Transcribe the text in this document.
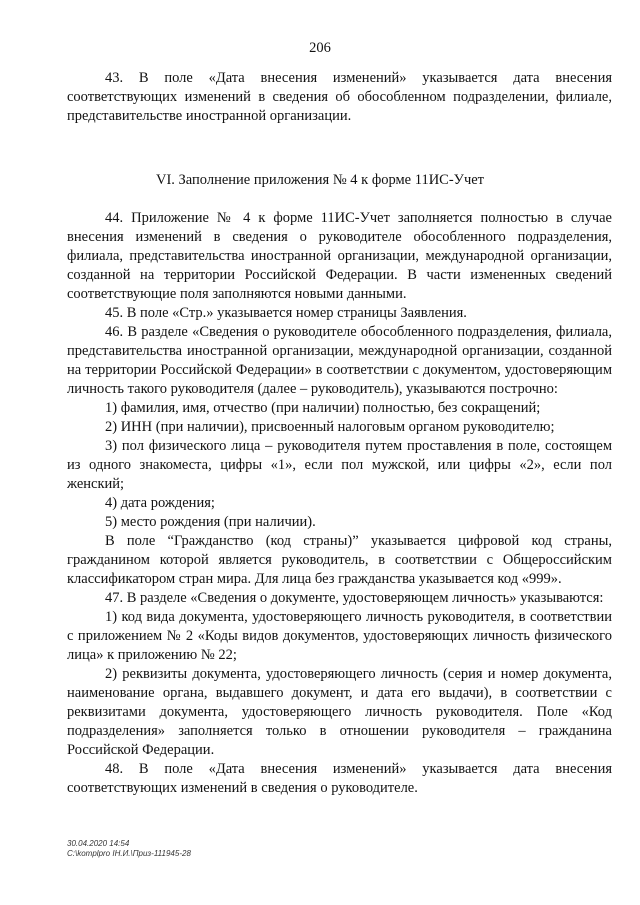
206

43. В поле «Дата внесения изменений» указывается дата внесения соответствующих изменений в сведения об обособленном подразделении, филиале, представительстве иностранной организации.

VI. Заполнение приложения № 4 к форме 11ИС-Учет

44. Приложение № 4 к форме 11ИС-Учет заполняется полностью в случае внесения изменений в сведения о руководителе обособленного подразделения, филиала, представительства иностранной организации, международной организации, созданной на территории Российской Федерации. В части измененных сведений соответствующие поля заполняются новыми данными.

45. В поле «Стр.» указывается номер страницы Заявления.

46. В разделе «Сведения о руководителе обособленного подразделения, филиала, представительства иностранной организации, международной организации, созданной на территории Российской Федерации» в соответствии с документом, удостоверяющим личность такого руководителя (далее – руководитель), указываются построчно:

1) фамилия, имя, отчество (при наличии) полностью, без сокращений;

2) ИНН (при наличии), присвоенный налоговым органом руководителю;

3) пол физического лица – руководителя путем проставления в поле, состоящем из одного знакоместа, цифры «1», если пол мужской, или цифры «2», если пол женский;

4) дата рождения;

5) место рождения (при наличии).

В поле “Гражданство (код страны)” указывается цифровой код страны, гражданином которой является руководитель, в соответствии с Общероссийским классификатором стран мира. Для лица без гражданства указывается код «999».

47. В разделе «Сведения о документе, удостоверяющем личность» указываются:

1) код вида документа, удостоверяющего личность руководителя, в соответствии с приложением № 2 «Коды видов документов, удостоверяющих личность физического лица» к приложению № 22;

2) реквизиты документа, удостоверяющего личность (серия и номер документа, наименование органа, выдавшего документ, и дата его выдачи), в соответствии с реквизитами документа, удостоверяющего личность руководителя. Поле «Код подразделения» заполняется только в отношении руководителя – гражданина Российской Федерации.

48. В поле «Дата внесения изменений» указывается дата внесения соответствующих изменений в сведения о руководителе.

30.04.2020 14:54
C:\komplpro IH.И.\Приз-111945-28
